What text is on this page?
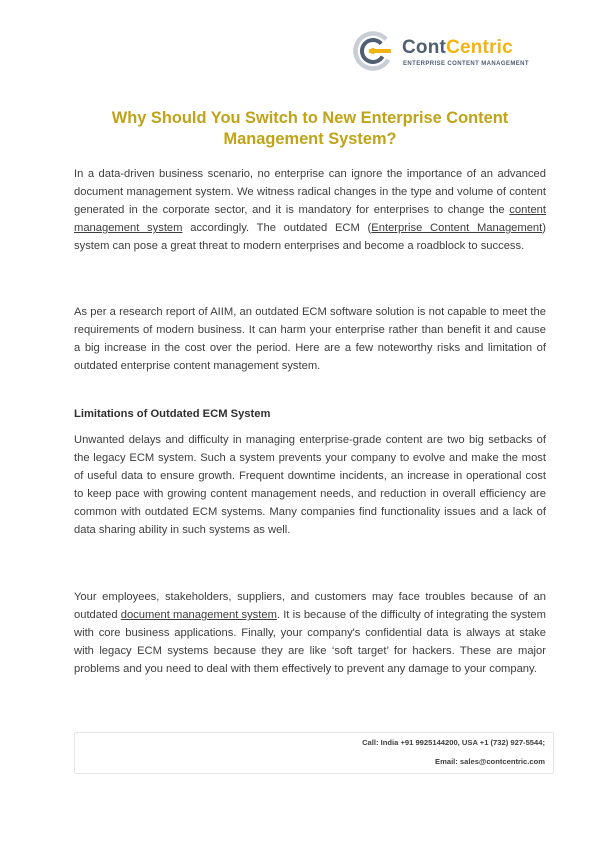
ContCentric
ENTERPRISE CONTENT MANAGEMENT
Why Should You Switch to New Enterprise Content Management System?

In a data-driven business scenario, no enterprise can ignore the importance of an advanced document management system. We witness radical changes in the type and volume of content generated in the corporate sector, and it is mandatory for enterprises to change the content management system accordingly. The outdated ECM (Enterprise Content Management) system can pose a great threat to modern enterprises and become a roadblock to success.

As per a research report of AIIM, an outdated ECM software solution is not capable to meet the requirements of modern business. It can harm your enterprise rather than benefit it and cause a big increase in the cost over the period. Here are a few noteworthy risks and limitation of outdated enterprise content management system.

Limitations of Outdated ECM System

Unwanted delays and difficulty in managing enterprise-grade content are two big setbacks of the legacy ECM system. Such a system prevents your company to evolve and make the most of useful data to ensure growth. Frequent downtime incidents, an increase in operational cost to keep pace with growing content management needs, and reduction in overall efficiency are common with outdated ECM systems. Many companies find functionality issues and a lack of data sharing ability in such systems as well.

Your employees, stakeholders, suppliers, and customers may face troubles because of an outdated document management system. It is because of the difficulty of integrating the system with core business applications. Finally, your company's confidential data is always at stake with legacy ECM systems because they are like ‘soft target’ for hackers. These are major problems and you need to deal with them effectively to prevent any damage to your company.

Call: India +91 9925144200, USA +1 (732) 927-5544;
Email: sales@contcentric.com
